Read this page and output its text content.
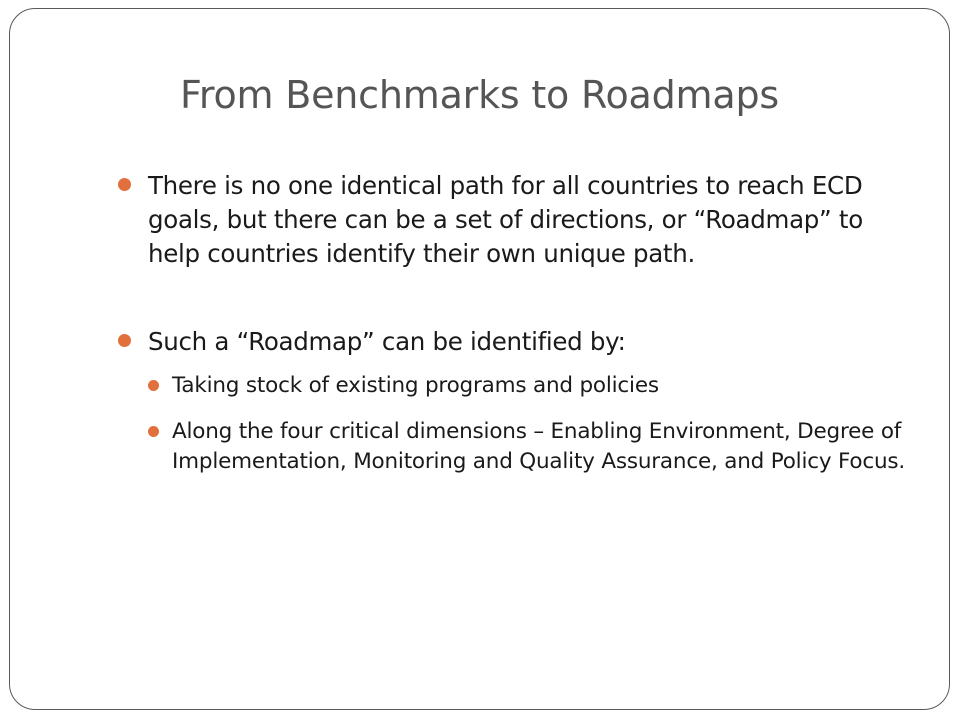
From Benchmarks to Roadmaps
There is no one identical path for all countries to reach ECD goals, but there can be a set of directions, or “Roadmap” to help countries identify their own unique path.
Such a “Roadmap” can be identified by:
Taking stock of existing programs and policies
Along the four critical dimensions – Enabling Environment, Degree of Implementation, Monitoring and Quality Assurance, and Policy Focus.
